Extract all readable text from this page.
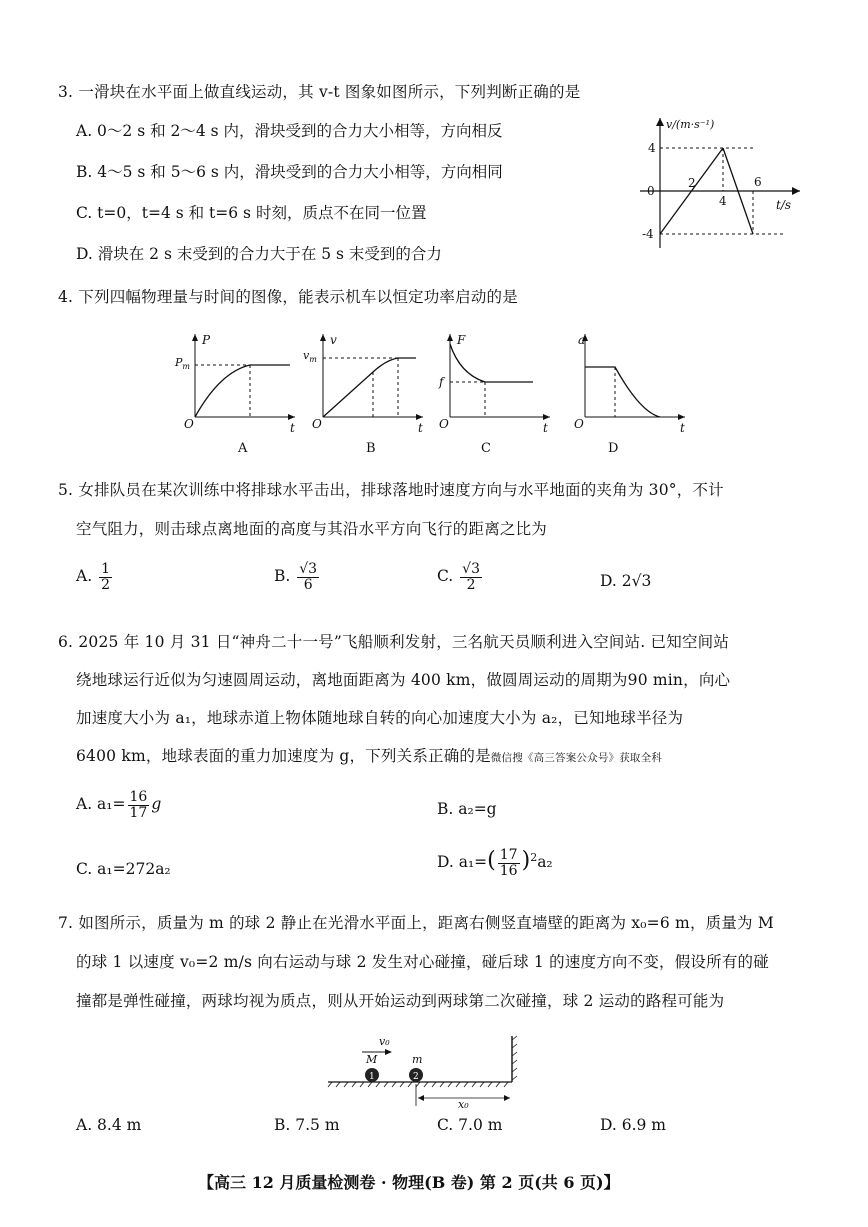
3. 一滑块在水平面上做直线运动，其 v-t 图象如图所示，下列判断正确的是
A. 0～2 s 和 2～4 s 内，滑块受到的合力大小相等，方向相反
B. 4～5 s 和 5～6 s 内，滑块受到的合力大小相等，方向相同
C. t=0，t=4 s 和 t=6 s 时刻，质点不在同一位置
D. 滑块在 2 s 末受到的合力大于在 5 s 末受到的合力
v/(m·s⁻¹)
t/s
0
4
-4
2
4
6
4. 下列四幅物理量与时间的图像，能表示机车以恒定功率启动的是
P
$P_m$
O	t
A
v
$v_m$
O	t
B
F
f
O	t
C
a
O	t
D
5. 女排队员在某次训练中将排球水平击出，排球落地时速度方向与水平地面的夹角为 30°，不计
空气阻力，则击球点离地面的高度与其沿水平方向飞行的距离之比为
A. $\frac{1}{2}$	B. $\frac{√3}{6}$	C. $\frac{√3}{2}$	D. 2√3
6. 2025 年 10 月 31 日“神舟二十一号”飞船顺利发射，三名航天员顺利进入空间站. 已知空间站
绕地球运行近似为匀速圆周运动，离地面距离为 400 km，做圆周运动的周期为90 min，向心
加速度大小为 a₁，地球赤道上物体随地球自转的向心加速度大小为 a₂，已知地球半径为
6400 km，地球表面的重力加速度为 g，下列关系正确的是微信搜《高三答案公众号》获取全科
A. $a_1= \frac{16}{17}$ g	B. a₂=g
C. a₁=272a₂	D. $a_1=( \frac{17}{16} )^2a_2$
7. 如图所示，质量为 m 的球 2 静止在光滑水平面上，距离右侧竖直墙壁的距离为 x₀=6 m，质量为 M
的球 1 以速度 v₀=2 m/s 向右运动与球 2 发生对心碰撞，碰后球 1 的速度方向不变，假设所有的碰
撞都是弹性碰撞，两球均视为质点，则从开始运动到两球第二次碰撞，球 2 运动的路程可能为
1	2
v₀
M	m
x₀
A. 8.4 m	B. 7.5 m	C. 7.0 m	D. 6.9 m
【高三 12 月质量检测卷 · 物理(B 卷) 第 2 页(共 6 页)】
